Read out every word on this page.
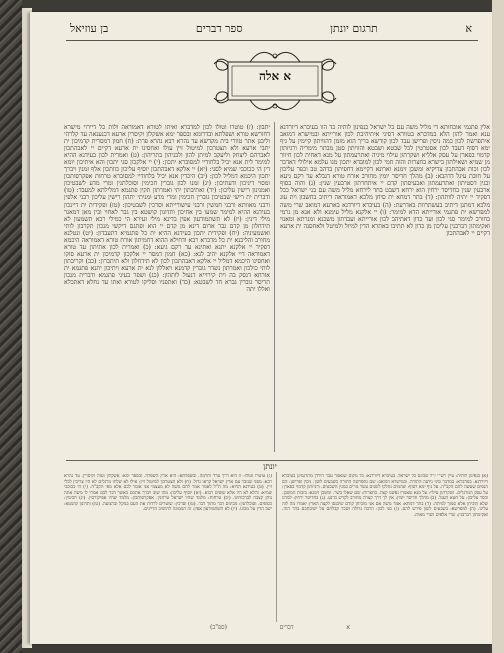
א
תרגום יונתן
ספר דברים
בן עוזיאל
א אלה
אלין פתגמי אוכחותא די מליל משה עם כל ישראל כנפינון לותיה כד הוו בעיברא דיורדנא ענא ואמר להון הלא במדברא בטוורא דסיני איתיהיבת לכון אורייתא ובמישרא דמואב איתפרשת לכון כמה ניסין ופרישן עבד לכון קודשא בריך הוא מזמן דהוויתון קיימין על גיף ימא דסוף דעבד לכון אסטרטין לכל שבטא ושבטא והוויתון סטן מבתר מימריה ורגיזתון קדמוי בפארן על עסק אלליא ושקרתון עילוי מיניה ואתרעמתון על מנא דאחית לכון חיוור מן שמיא ושאילתון בישרא בחצרות והוה חמי לכון למובדא יתכון מגו עלמא אילולי דאדכר לכון זכות אבהתכון צדיקיא ומשכן זימנא וארונא דקיימא דחפיתון בדהב טב וכפר עליכון על חובת עיגל דדהבא: (ב) מהלך חדיסר יומין מחורב אורח טורא דגבלא עד רקם גיעא ובגין דסטיתון ואתרעמתון ואכעיסתון קדם יי איתחרתון ארבעין שנין: (ג) והוה בסוף ארבעין שנין בחדיסר ירחין הוא ירחא דשבט בחד לירחא מליל משה עם בני ישראל ככל דפקיד יי יתיה לוותהון: (ד) בתר דמחא ית סיחן מלכא דאמוראה דיתיב בחשבון וית עוג מלכא דמתנן דיתיב בעשתרוות באדרעת: (ה) בעיברא דיורדנא בארעא דמואב שרי משה למפרשא ית פתגמי אורייתא הדא למימר: (ו) יי אלקנא מליל עימנא ולא אנא מן גרמי בחורב למימר סגי לכון ועד כדון דאתיהב לכון אורייתא ועבדתון משכנא ומנרתא ומאנוי ואקימתון רברבנין עליכון מן כדון לא תתיבו באתרא הדין למיזל ולמיטל ולאחסנה ית ארעא דקיים יי לאבהתכון
יתבון: (ז) טוטרו וטולו לכון למדברא ואיתו לטורא דאמוראה ולות כל דיירוי מישרא דחורשא טורא ושפלתא ובדרומא ובספר ימא אשקלון וקיסרין ארעא דכנענאה עד קלרהי וליבנן אתר טוורי בית מקדשא עד נהרא רבא נהרא פרת: (ח) חמון דמסרית קדמיכון ית יתבי ארעא ולא תצטרכון למיטול זיין עולו ואחסינו ית ארעא דקיים יי לאבהתכון לאברהם ליצחק וליעקב למיתן להון ולבניהון בתריהון: (ט) ואמרית לכון בעידנא ההיא למימר לית אנא יכיל בלחודיי למסוברא יתכון: (י) יי אלקכון סגי יתכון והא איתיכון יומא דין הי ככוכבי שמיא לסגי: (יא) יי אלקא דאבהתכון יוסיף עליכון כוותכון אלף זמנין ויברך יתכון היכמא דמליל לכון: (יב) היכדין אנא יכיל בלחודיי למסוברא טרחות אפקרסותכון ומסוי דיניכון ודעתיכון: (יג) זמנו לכון גוברין חכימין וסוכלתנין ומרי מדע לשבטיכון ואמנינון רישין עליכון: (יד) ואתיבתון יתי ואמרתון תקין פתגמא דמלילתא למעבד: (טו) ודברית ית רישי שבטיכון גוברין חכימין ומרי מדע ומניתי יתהון רישין עליכון רבני אלפין ורבני מאוותא ורבני חמשין ורבני עישורייתא וסרכין לשבטיכון: (טז) ופקידית ית דיינכון בעידנא ההיא למימר שמעו בין אחיכון ותדונון קושטא בין גבר לאחוי ובין מאן דמאגר מילי דינין: (יז) לא תשתמודעון אפין בדינא מילי זעירא הי כמילי רבא תשמעון לא תידחלון מן קדם גבר ארום דינא מן קדם יי הוא ופתגם דיקשי מנכון תקרבון לותי ואשמעיניה: (יח) ופקידית יתכון בעידנא ההיא ית כל פתגמיא דתעבדון: (יט) ונטלנא מחורב והליכנא ית כל מדברא רבא ודחילא ההוא דחמיתון אורח טורא דאמוראה היכמא דפקיד יי אלקנא יתנא ואתינא עד רקם גיעא: (כ) ואמרית לכון אתיתון עד טורא דאמוראה דיי אלקנא יהיב לנא: (כא) חמון דמסר יי אלקכון קדמיכון ית ארעא סוקו ואחסינו היכמא דמליל יי אלקא דאבהתכון לכון לא תידחלון ולא תיתברון: (כב) וקריבתון לותי כולכון ואמרתון נשדר גוברין קדמנא ויאללון לנא ית ארעא ויתיבון יתנא פתגמא ית אורחא דנסק בה וית קירוייא דנעול לותהון: (כג) ושפר בעיני פתגמא ודברית מנכון תריסר גוברין גברא חד לשבטא: (כד) ואתפניו וסליקו לטורא ואתו עד נחלא דאתכלא ואללו יתה
יונתן
(א) כנפינון לותיה: עיין רש"י ז"ל שכינס כל ישראל. בעיברא דיורדנא: כל מקום שנאמר עבר הירדן מתרגמינן בעיברא דיורדנא. במדברא: במדבר סיני ניתנה התורה. ובמישרא דמואב: שם נתפרשה התורה בשבעים לשון. ניסין ופרישן: הם הנסים שעשה להם הקב"ה. על גיף ימא דסוף: שהמים נחלקו לשנים עשר גזרים כמנין השבטים. ורגיזתון קדמוי בפארן: על עסק המרגלים. ושקרתון עילוי: על מנא שאמרו נפשנו קצה. בחצרות: שם שאלו בשר. ומשכן זימנא: בזכות המשכן. וכפר עליכון: על חטא העגל. (ב) מהלך חדיסר יומין: אין לך דרך קצרה מחורב לקדש ברנע. (ג) בחדיסר ירחין: למדנו שלא הוכיחן אלא סמוך למיתה. (ד) בתר דמחא: אמר משה אם אני מוכיחן קודם שיכנסו לקצה הארץ יאמרו מה לזה עלינו. (ה) למפרשא: בשבעים לשון פירש להם. (ו) סגי לכון: הרבה גדולה ושכר קבלתם על ישיבתכם בהר הזה. ואקימתון רברבנין: שרי אלפים ושרי מאות.
(ז) טוטרו וטולו: זו היא דרך ערד וחרמה. ובשפלתא: היא ארץ השפלה. ובספר ימא: אשקלון ועזה וקיסרין. עד נהרא רבא: מפני שנזכר עם ארץ ישראל קראו גדול. (ח) ולא תצטרכון למיטול זיין: אילו לא שלחו מרגלים לא היו צריכין לכלי זיין. (ט) בעידנא ההיא: מה ת"ל לאמר אמר להם משה לא מעצמי אני אומר לכם אלא מפי הקב"ה. (י) הי ככוכבי שמיא: והלא לא היו אלא ששים רבוא. (יא) יוסיף עליכון: מהו שוב ויברך אתכם כאשר דבר לכם אמרו לו משה אתה נותן קצבה לברכותינו. (יב) טרחות: מלמד שהיו ישראל טרחנין. אפקרסותכון: מלמד שהיו אפיקורסין. (יג) חכימין: כסופים. וסוכלתנין: מבינים דבר מתוך דבר. (טו) וסרכין: שוטרים לרדות את העם במקל וברצועה. (טז) ותדונון קושטא: ישב הדין על מכונו. (יז) לא תשתמודעון אפין: זה הממונה להושיב הדיינים.
א
דברים
(ספ"ב)
